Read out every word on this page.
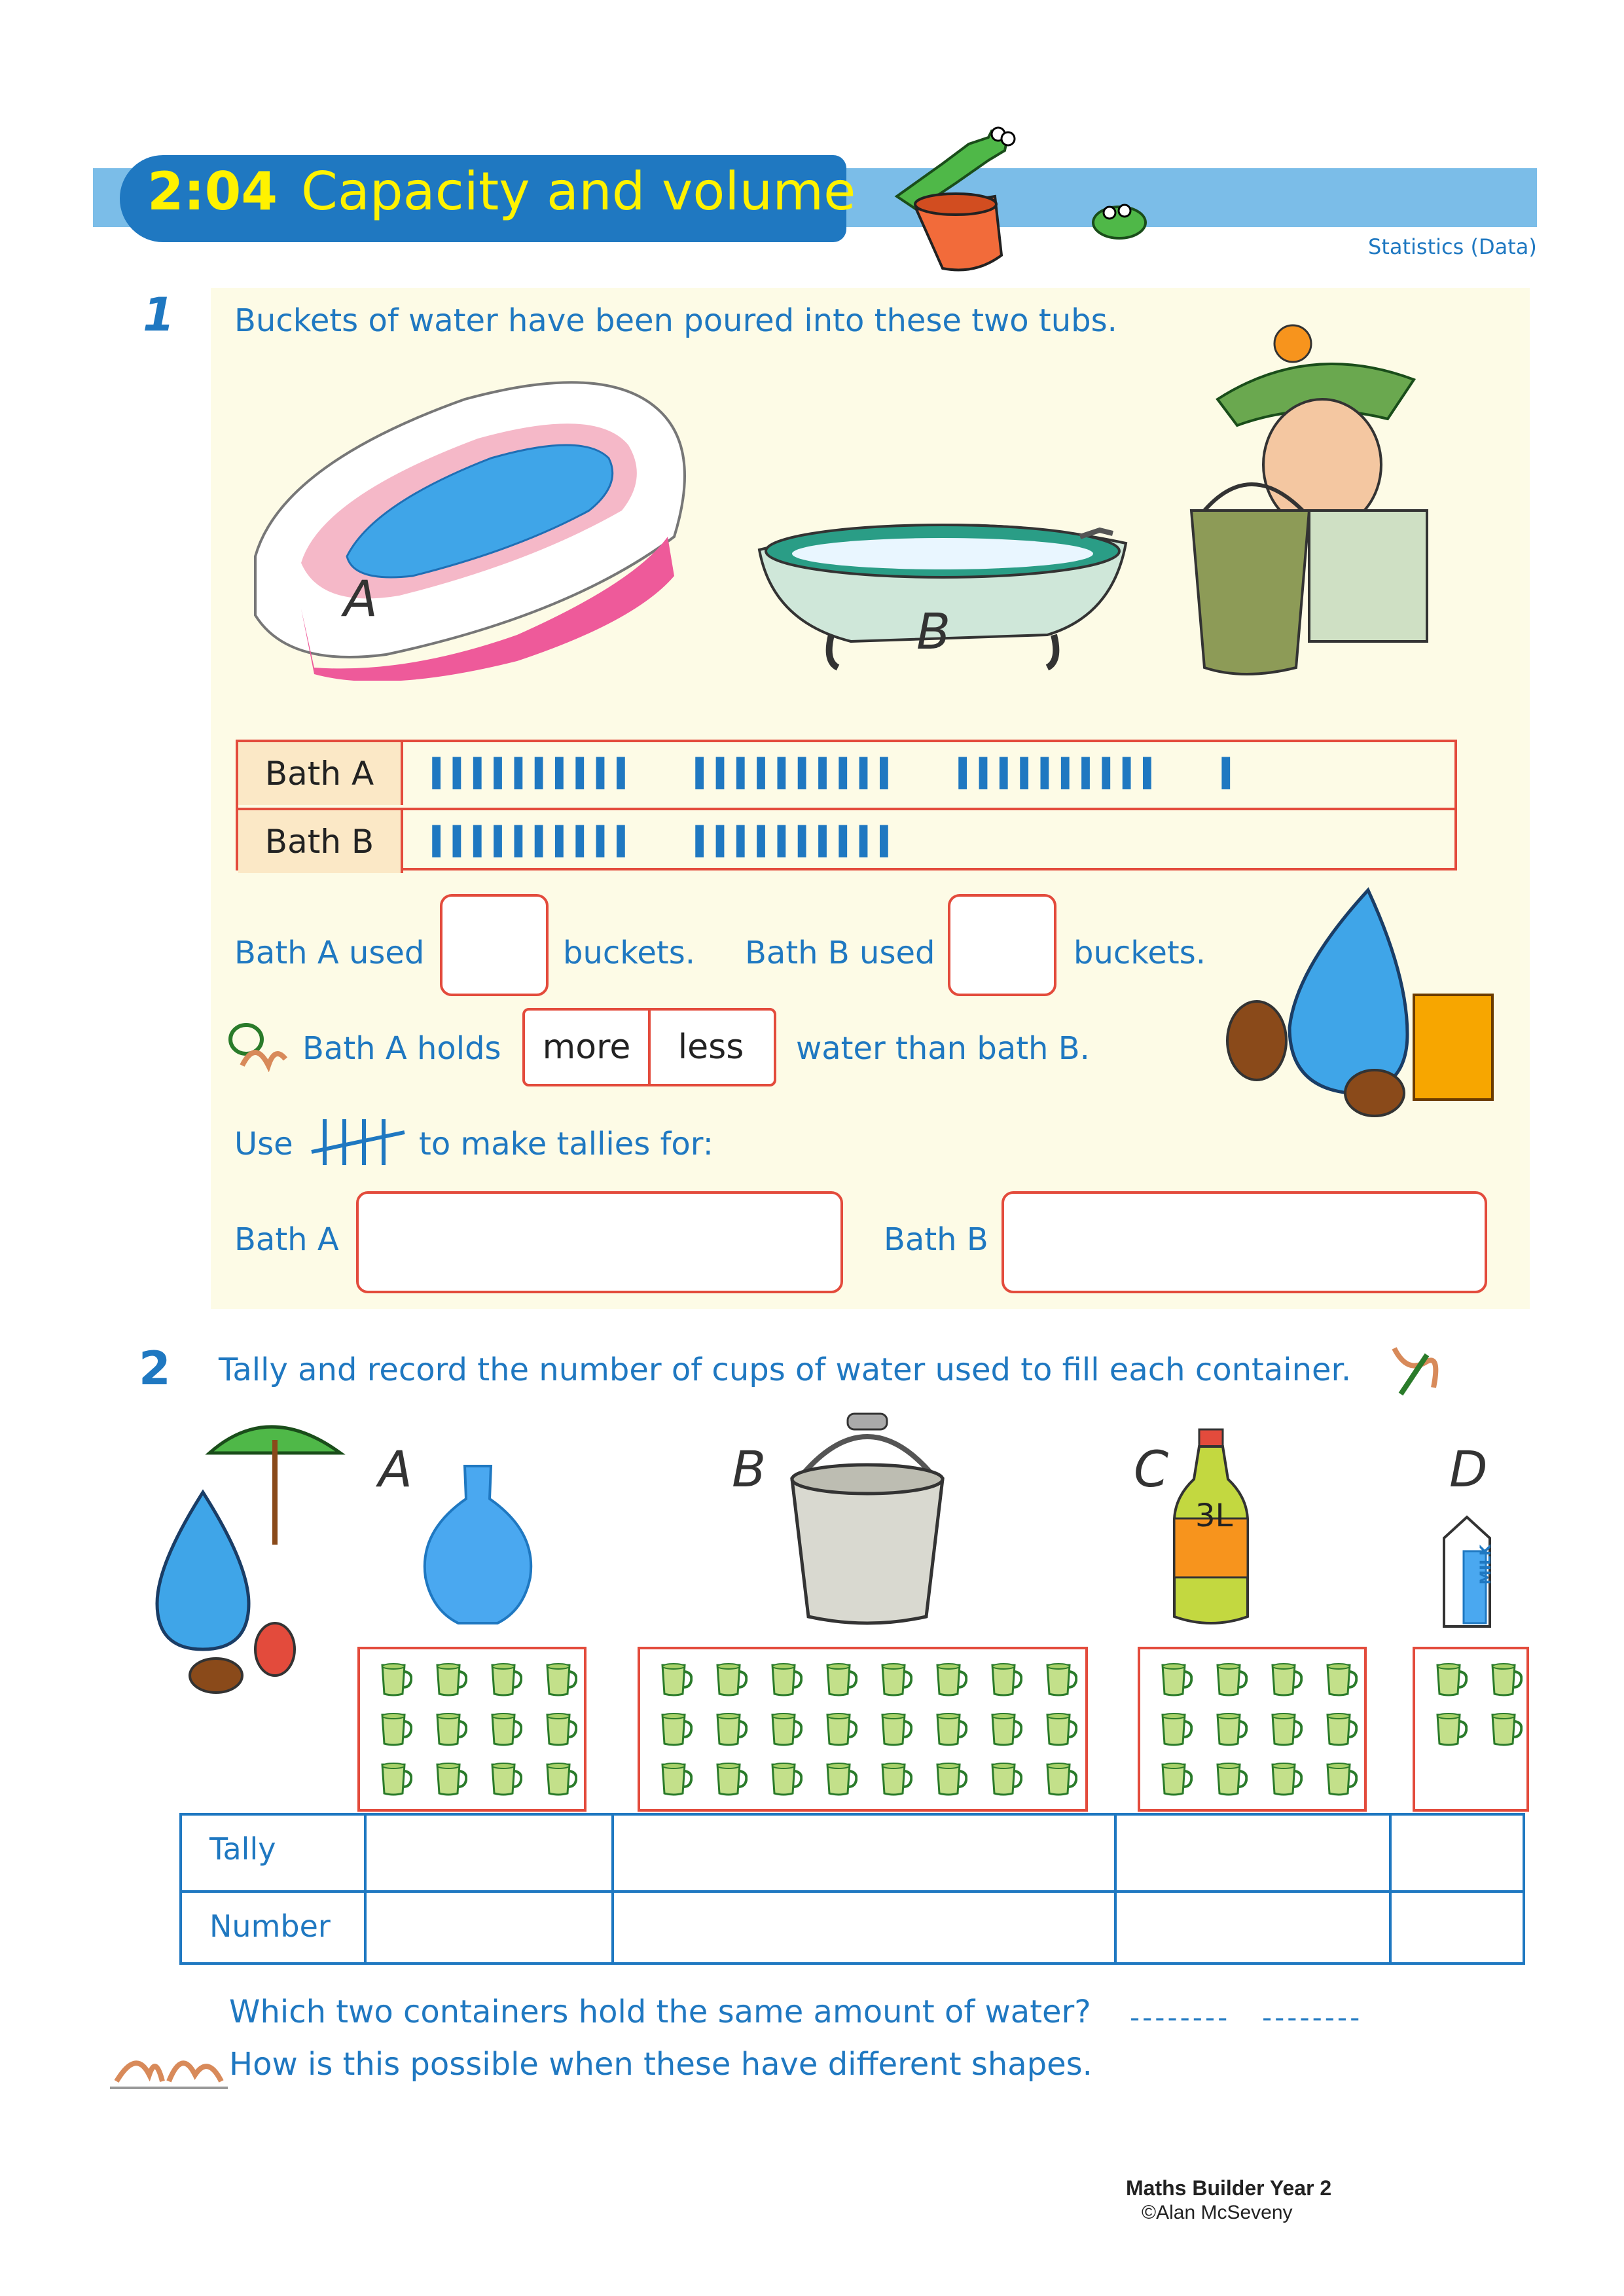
2:04 Capacity and volume
Statistics (Data)
1 Buckets of water have been poured into these two tubs.
A
B
Bath A	IIIIIIIIII   IIIIIIIIII   IIIIIIIIII   I
Bath B	IIIIIIIIII   IIIIIIIIII
Bath A used	buckets. Bath B used	buckets.
Bath A holds	more	less	water than bath B.
Use	to make tallies for:
Bath A	Bath B
2 Tally and record the number of cups of water used to fill each container.
A	B	C	D
3L
MILK
Tally
Number
Which two containers hold the same amount of water? -------- --------
How is this possible when these have different shapes.
Maths Builder Year 2
©Alan McSeveny
